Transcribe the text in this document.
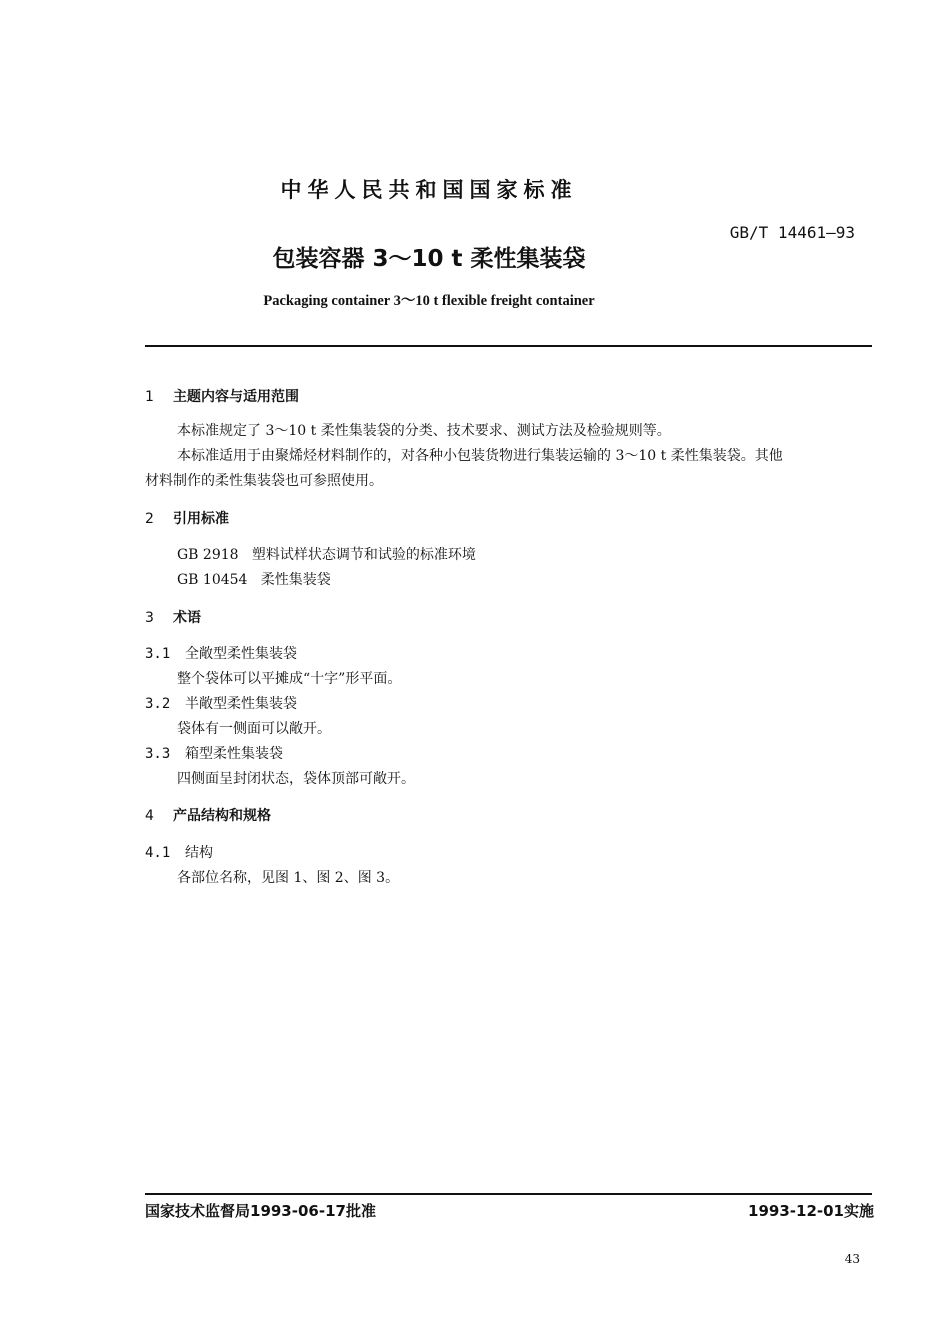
中华人民共和国国家标准
GB/T 14461—93
包装容器 3～10 t 柔性集装袋
Packaging container 3～10 t flexible freight container
1 主题内容与适用范围
本标准规定了 3～10 t 柔性集装袋的分类、技术要求、测试方法及检验规则等。
本标准适用于由聚烯烃材料制作的，对各种小包装货物进行集装运输的 3～10 t 柔性集装袋。其他
材料制作的柔性集装袋也可参照使用。
2 引用标准
GB 2918   塑料试样状态调节和试验的标准环境
GB 10454   柔性集装袋
3 术语
3.1 全敞型柔性集装袋
整个袋体可以平摊成“十字”形平面。
3.2 半敞型柔性集装袋
袋体有一侧面可以敞开。
3.3 箱型柔性集装袋
四侧面呈封闭状态，袋体顶部可敞开。
4 产品结构和规格
4.1 结构
各部位名称，见图 1、图 2、图 3。
国家技术监督局1993-06-17批准	1993-12-01实施
43
